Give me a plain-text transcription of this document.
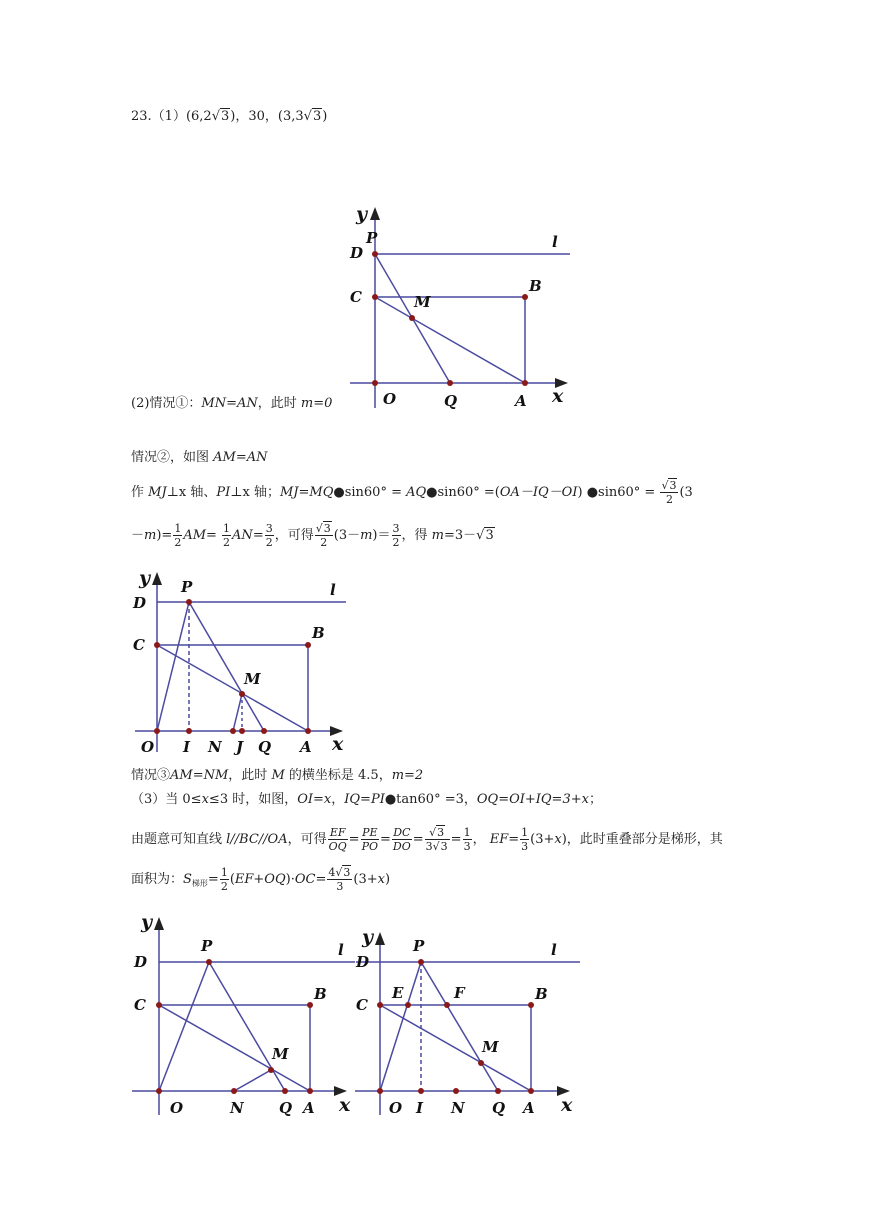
23.（1）(6,2√3)，30，(3,3√3)
y
P
D
C
B
M
O	Q	A x
l
(2)情况①：MN=AN，此时 m=0
情况②，如图 AM=AN
作 MJ⊥x 轴、PI⊥x 轴；MJ=MQ●sin60° = AQ●sin60° =(OA－IQ－OI) ●sin60° = $\frac{√3}{2} (3$
$-m)= \frac{1}{2} AM= \frac{1}{2} AN= \frac{3}{2}$ ，可得 $\frac{√3}{2} (3-m)= \frac{3}{2}$ ，得 m=3－√3
y P
D
C
B
M
O I N J Q A x
l
情况③AM=NM，此时 M 的横坐标是 4.5，m=2
（3）当 0≤x≤3 时，如图，OI=x，IQ=PI●tan60° =3，OQ=OI+IQ=3+x；
由题意可知直线 l//BC//OA，可得 $\frac{EF}{OQ} = \frac{PE}{PO} = \frac{DC}{DO} = \frac{√3}{3√3} = \frac{1}{3}$ ， $EF= \frac{1}{3} (3+x)$，此时重叠部分是梯形，其
面积为：$S_{梯形}= \frac{1}{2} (EF+OQ)\cdot OC= \frac{4√3}{3} (3+x)$
y
P
D
C
B
M
O	N Q A x
l
y	P
D
C
E	F	B
M
O I N Q A x
l
